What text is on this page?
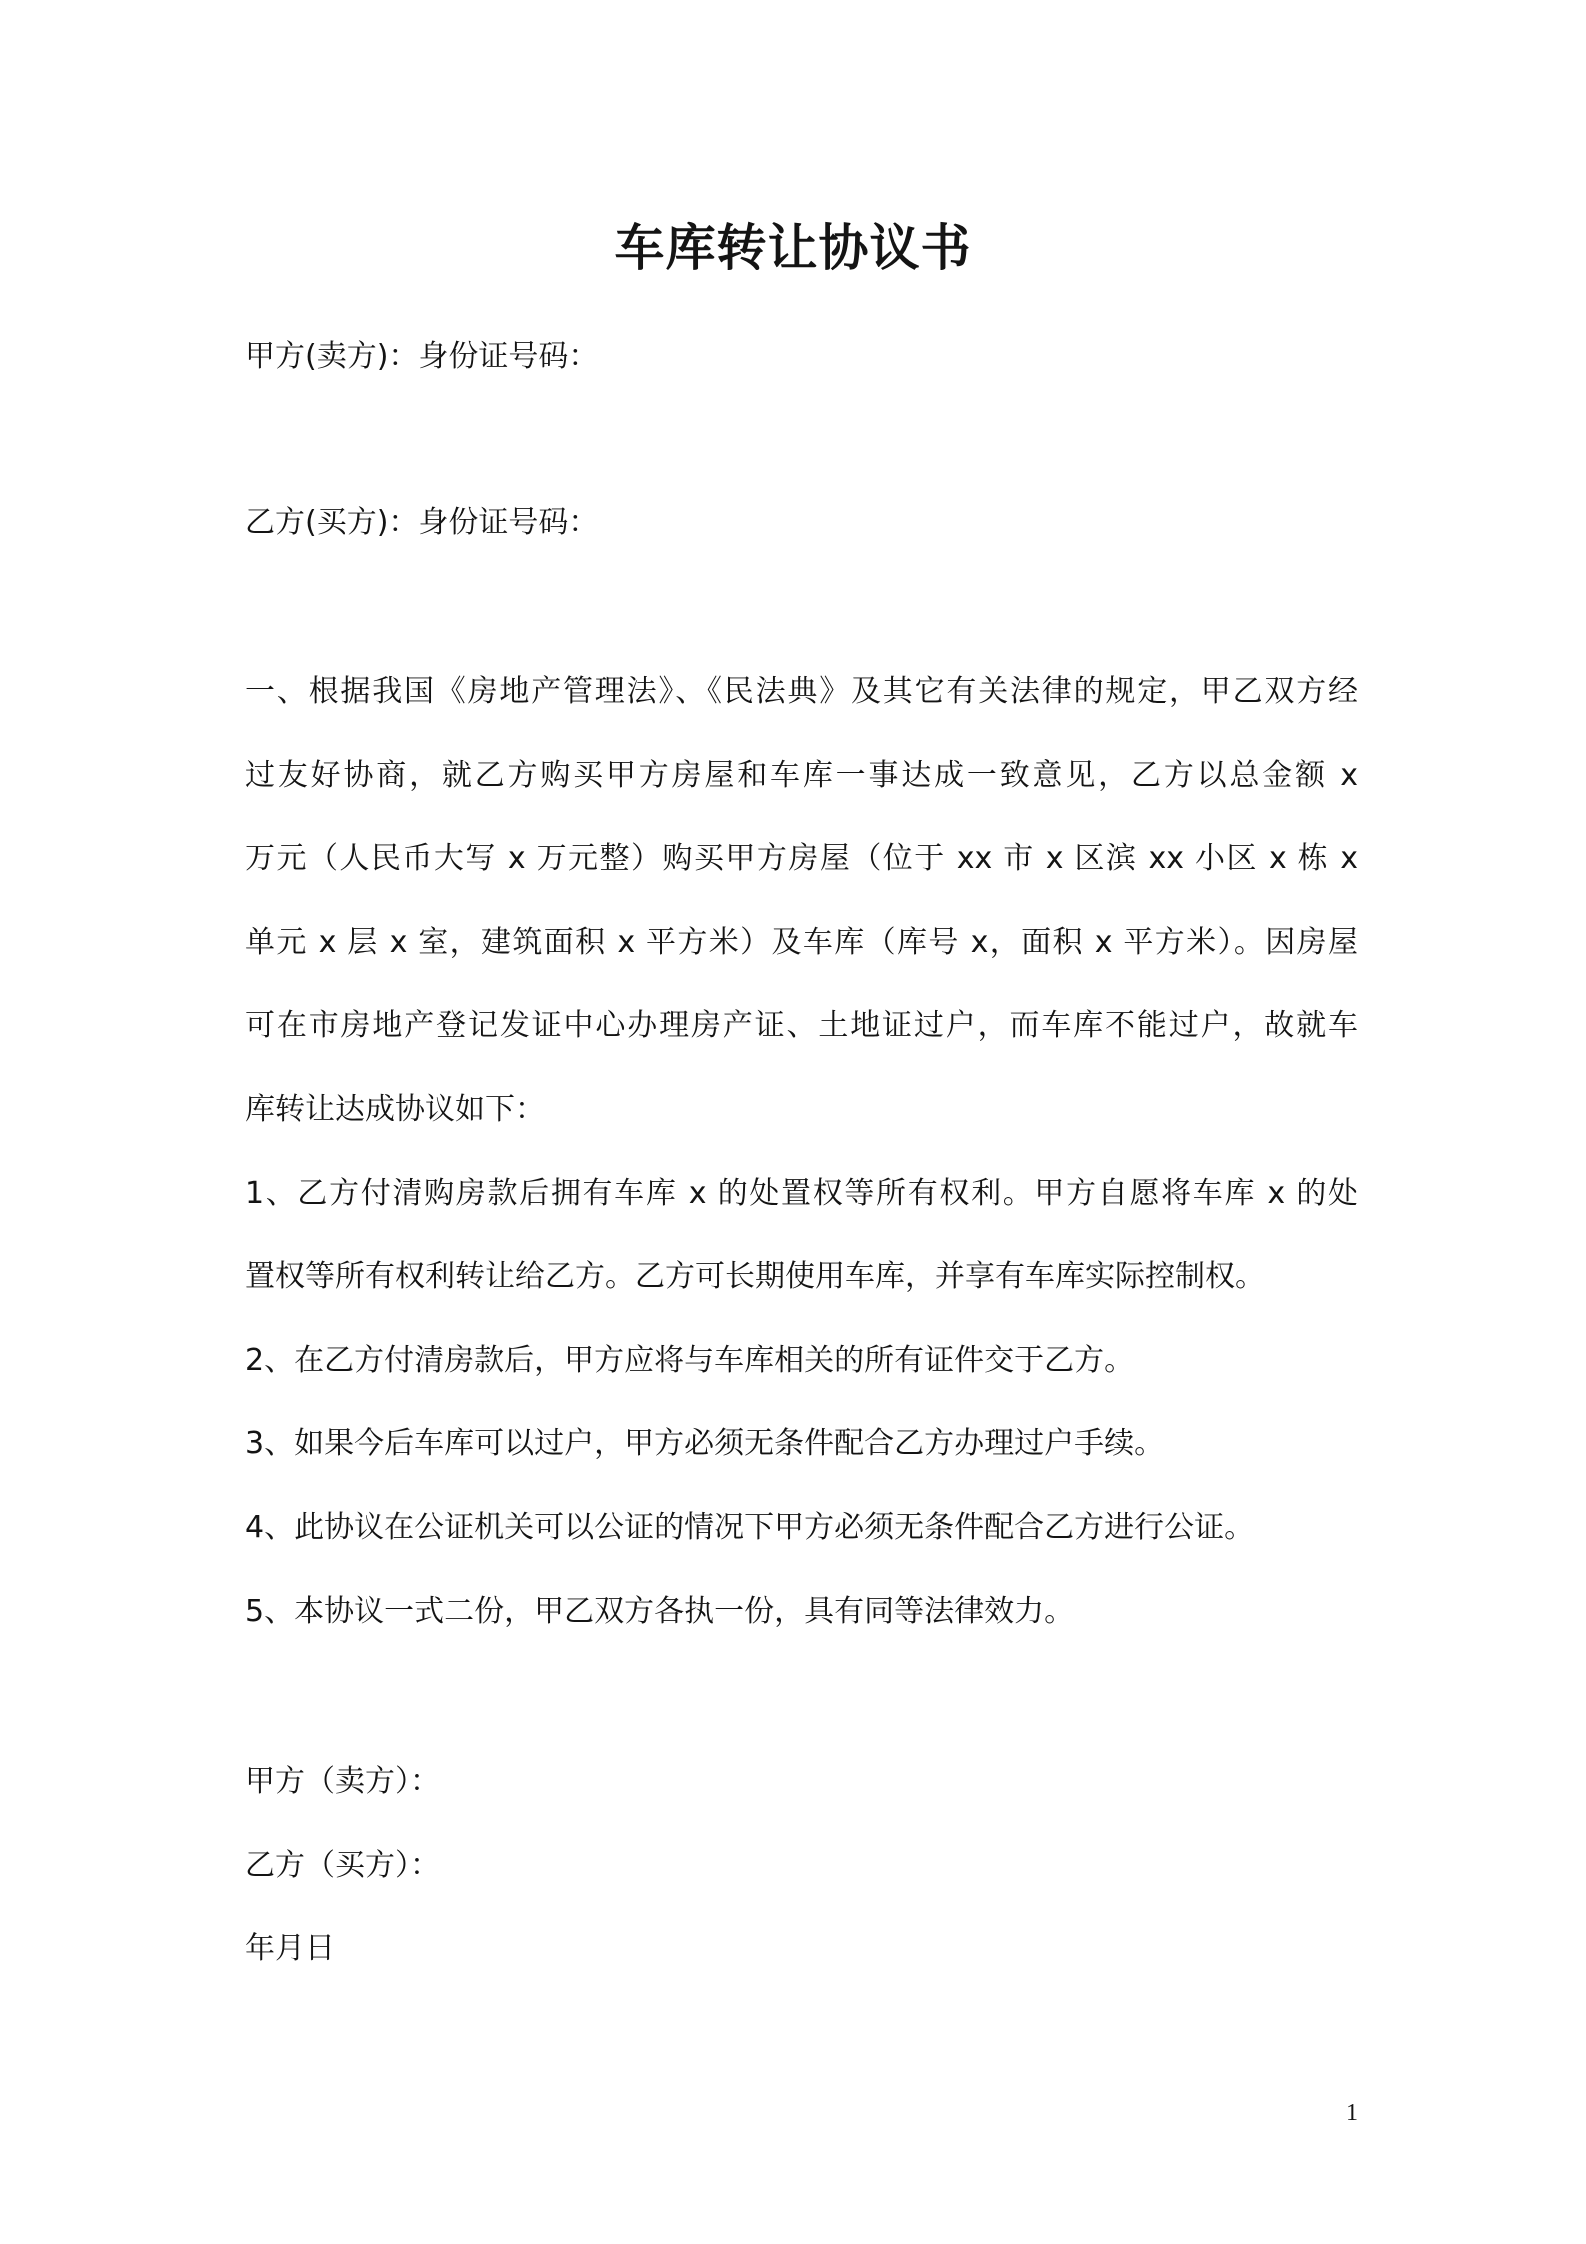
车库转让协议书
甲方(卖方)：身份证号码：
乙方(买方)：身份证号码：
一、根据我国《房地产管理法》、《民法典》及其它有关法律的规定，甲乙双方经
过友好协商，就乙方购买甲方房屋和车库一事达成一致意见，乙方以总金额 x
万元（人民币大写 x 万元整）购买甲方房屋（位于 xx 市 x 区滨 xx 小区 x 栋 x
单元 x 层 x 室，建筑面积 x 平方米）及车库（库号 x，面积 x 平方米）。因房屋
可在市房地产登记发证中心办理房产证、土地证过户，而车库不能过户，故就车
库转让达成协议如下：
1、乙方付清购房款后拥有车库 x 的处置权等所有权利。甲方自愿将车库 x 的处
置权等所有权利转让给乙方。乙方可长期使用车库，并享有车库实际控制权。
2、在乙方付清房款后，甲方应将与车库相关的所有证件交于乙方。
3、如果今后车库可以过户，甲方必须无条件配合乙方办理过户手续。
4、此协议在公证机关可以公证的情况下甲方必须无条件配合乙方进行公证。
5、本协议一式二份，甲乙双方各执一份，具有同等法律效力。
甲方（卖方）：
乙方（买方）：
年月日
1
